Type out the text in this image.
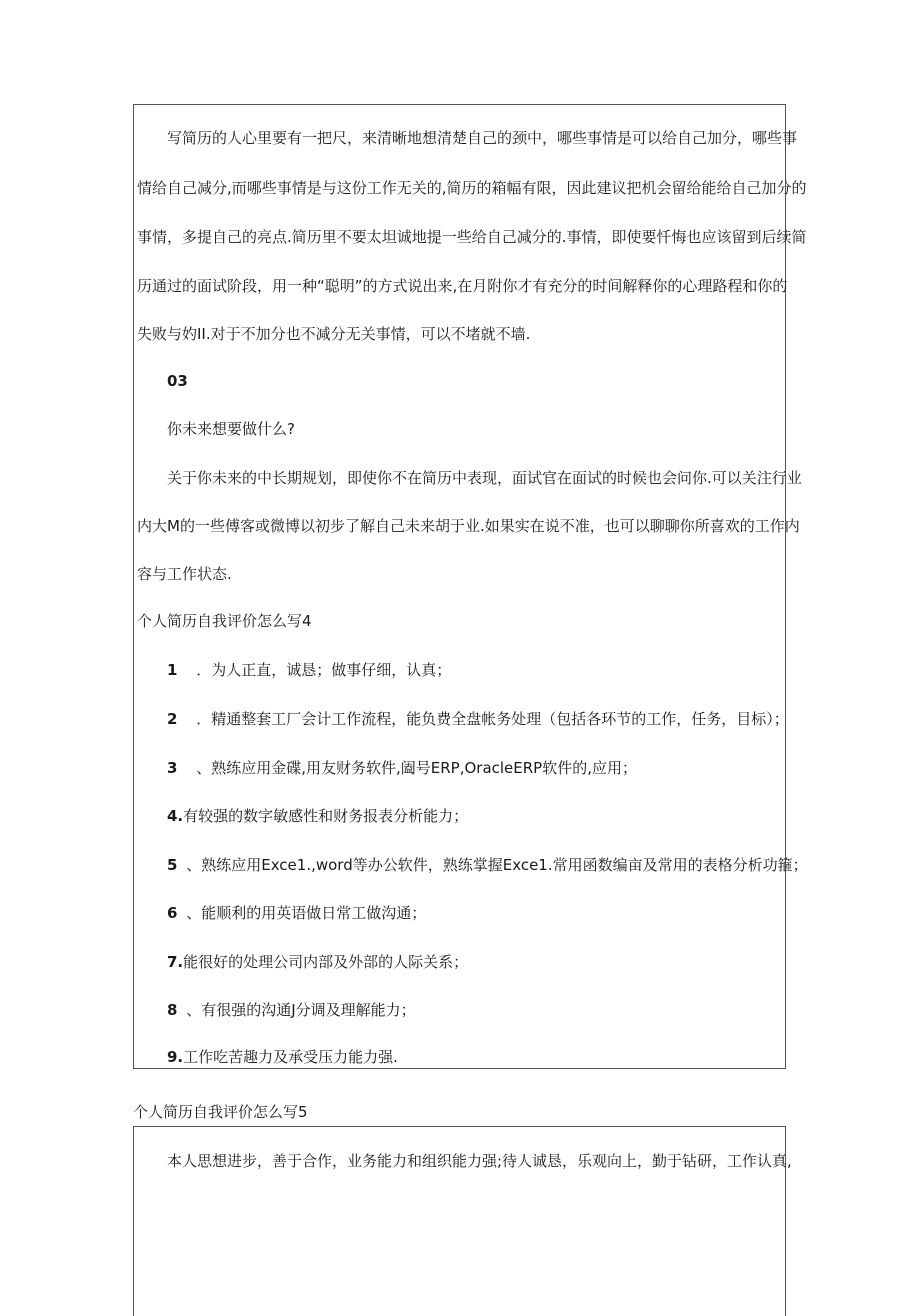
写简历的人心里要有一把尺，来清晰地想清楚自己的颈中，哪些事情是可以给自己加分，哪些事
情给自己减分,而哪些事情是与这份工作无关的,简历的箱幅有限，因此建议把机会留给能给自己加分的
事情，多提自己的亮点.简历里不要太坦诚地提一些给自己减分的.事情，即使要忏悔也应该留到后续简
历通过的面试阶段，用一种“聪明”的方式说出来,在月附你才有充分的时间解释你的心理路程和你的
失败与妁II.对于不加分也不减分无关事情，可以不堵就不墙.
03
你未来想要做什么?
关于你未来的中长期规划，即使你不在简历中表现，面试官在面试的时候也会问你.可以关注行业
内大M的一些傅客或微博以初步了解自己未来胡于业.如果实在说不准，也可以聊聊你所喜欢的工作内
容与工作状态.
个人简历自我评价怎么写4
1 ．为人正直，诚恳；做事仔细，认真；
2 ．精通整套工厂会计工作流程，能负费全盘帐务处理（包括各环节的工作，任务，目标）；
3 、熟练应用金碟,用友财务软件,阖号ERP,OracleERP软件的,应用；
4.有较强的数字敏感性和财务报表分析能力；
5 、熟练应用Exce1.,word等办公软件，熟练掌握Exce1.常用函数编亩及常用的表格分析功箍；
6 、能顺利的用英语做日常工做沟通；
7.能很好的处理公司内部及外部的人际关系；
8 、有很强的沟通J分调及理解能力；
9.工作吃苦趣力及承受压力能力强.
个人简历自我评价怎么写5
本人思想进步，善于合作，业务能力和组织能力强;待人诚恳，乐观向上，勤于钻研，工作认真,
